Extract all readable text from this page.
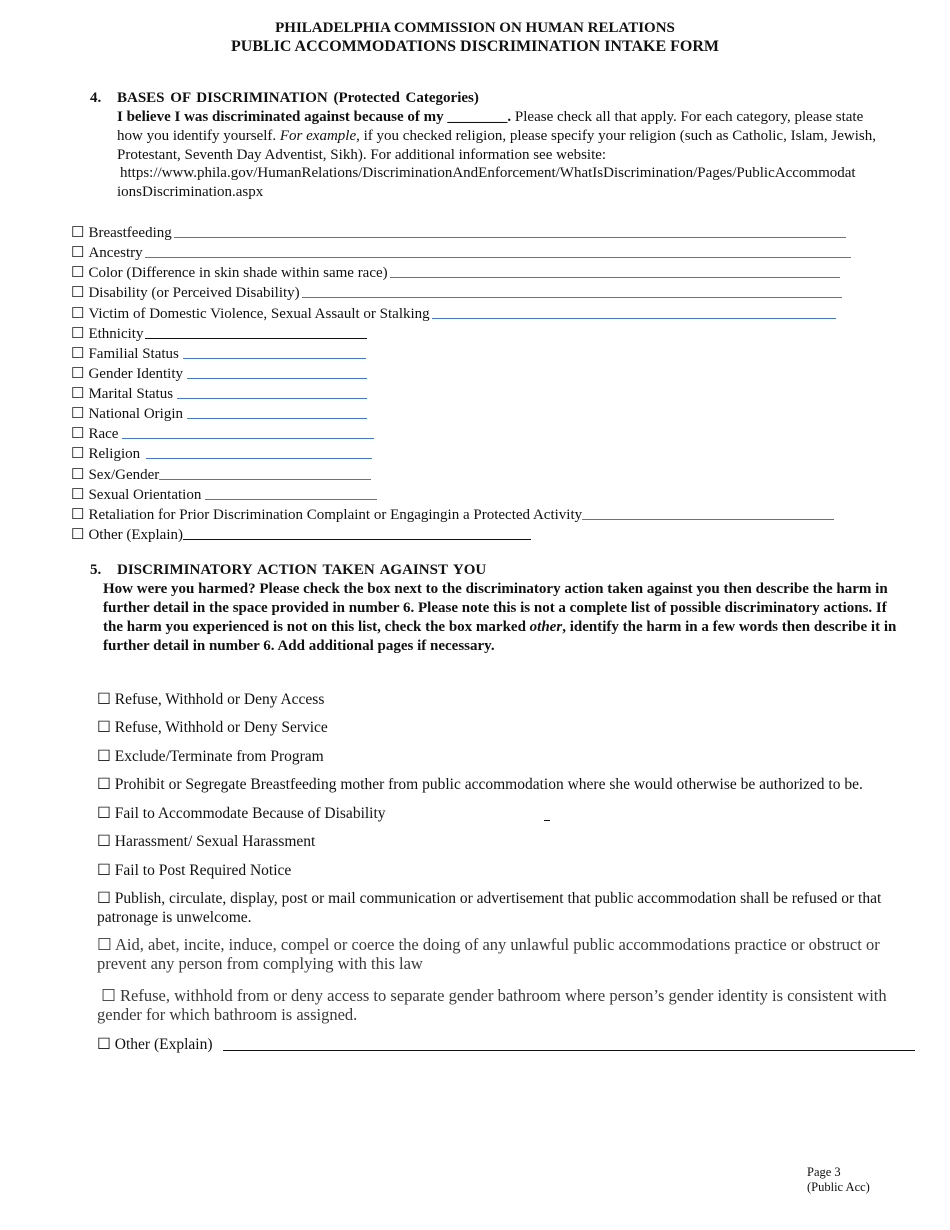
PHILADELPHIA COMMISSION ON HUMAN RELATIONS
PUBLIC ACCOMMODATIONS DISCRIMINATION INTAKE FORM
4. BASES OF DISCRIMINATION (Protected Categories)
I believe I was discriminated against because of my ________. Please check all that apply. For each category, please state how you identify yourself. For example, if you checked religion, please specify your religion (such as Catholic, Islam, Jewish, Protestant, Seventh Day Adventist, Sikh). For additional information see website:
https://www.phila.gov/HumanRelations/DiscriminationAndEnforcement/WhatIsDiscrimination/Pages/PublicAccommodat
ionsDiscrimination.aspx
☐ Breastfeeding
☐ Ancestry
☐ Color (Difference in skin shade within same race)
☐ Disability (or Perceived Disability)
☐ Victim of Domestic Violence, Sexual Assault or Stalking
☐ Ethnicity
☐ Familial Status
☐ Gender Identity
☐ Marital Status
☐ National Origin
☐ Race
☐ Religion
☐ Sex/Gender
☐ Sexual Orientation
☐ Retaliation for Prior Discrimination Complaint or Engagingin a Protected Activity
☐ Other (Explain)
5. DISCRIMINATORY ACTION TAKEN AGAINST YOU
How were you harmed? Please check the box next to the discriminatory action taken against you then describe the harm in further detail in the space provided in number 6. Please note this is not a complete list of possible discriminatory actions. If the harm you experienced is not on this list, check the box marked other, identify the harm in a few words then describe it in further detail in number 6. Add additional pages if necessary.
☐ Refuse, Withhold or Deny Access
☐ Refuse, Withhold or Deny Service
☐ Exclude/Terminate from Program
☐ Prohibit or Segregate Breastfeeding mother from public accommodation where she would otherwise be authorized to be.
☐ Fail to Accommodate Because of Disability
☐ Harassment/ Sexual Harassment
☐ Fail to Post Required Notice
☐ Publish, circulate, display, post or mail communication or advertisement that public accommodation shall be refused or that patronage is unwelcome.
☐ Aid, abet, incite, induce, compel or coerce the doing of any unlawful public accommodations practice or obstruct or prevent any person from complying with this law
☐ Refuse, withhold from or deny access to separate gender bathroom where person’s gender identity is consistent with gender for which bathroom is assigned.
☐ Other (Explain)
Page 3
(Public Acc)
